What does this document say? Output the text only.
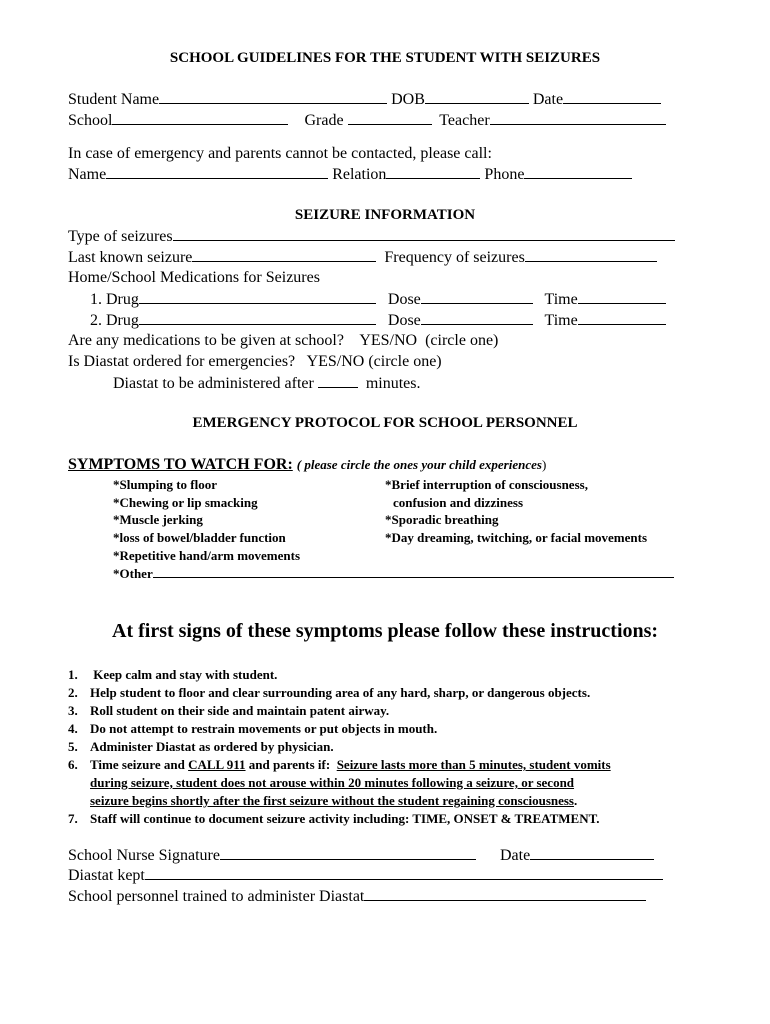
SCHOOL GUIDELINES FOR THE STUDENT WITH SEIZURES
Student Name	DOB	Date
School	Grade	Teacher
In case of emergency and parents cannot be contacted, please call:
Name	Relation	Phone
SEIZURE INFORMATION
Type of seizures
Last known seizure	Frequency of seizures
Home/School Medications for Seizures
1. Drug	Dose	Time
2. Drug	Dose	Time
Are any medications to be given at school?    YES/NO  (circle one)
Is Diastat ordered for emergencies?   YES/NO (circle one)
Diastat to be administered after	minutes.
EMERGENCY PROTOCOL FOR SCHOOL PERSONNEL
SYMPTOMS TO WATCH FOR: ( please circle the ones your child experiences)
*Slumping to floor
*Chewing or lip smacking
*Muscle jerking
*loss of bowel/bladder function
*Repetitive hand/arm movements
*Brief interruption of consciousness,
confusion and dizziness
*Sporadic breathing
*Day dreaming, twitching, or facial movements
*Other
At first signs of these symptoms please follow these instructions:
1. Keep calm and stay with student.
2. Help student to floor and clear surrounding area of any hard, sharp, or dangerous objects.
3. Roll student on their side and maintain patent airway.
4. Do not attempt to restrain movements or put objects in mouth.
5. Administer Diastat as ordered by physician.
6. Time seizure and CALL 911 and parents if:  Seizure lasts more than 5 minutes, student vomits
during seizure, student does not arouse within 20 minutes following a seizure, or second
seizure begins shortly after the first seizure without the student regaining consciousness.
7. Staff will continue to document seizure activity including: TIME, ONSET & TREATMENT.
School Nurse Signature	Date
Diastat kept
School personnel trained to administer Diastat
